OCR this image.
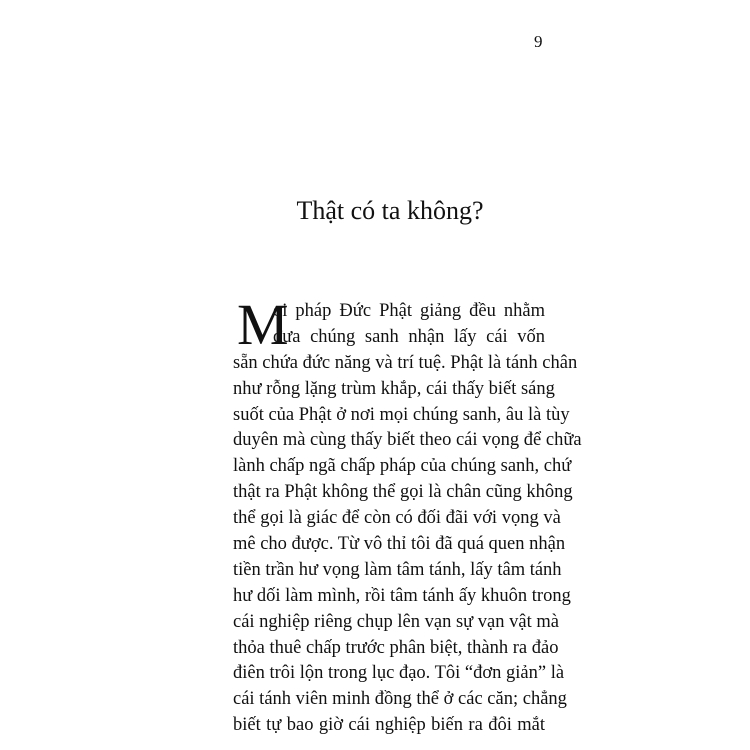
9
Thật có ta không?
M
ọi pháp Đức Phật giảng đều nhằm
đưa chúng sanh nhận lấy cái vốn
sẵn chứa đức năng và trí tuệ. Phật là tánh chân
như rỗng lặng trùm khắp, cái thấy biết sáng
suốt của Phật ở nơi mọi chúng sanh, âu là tùy
duyên mà cùng thấy biết theo cái vọng để chữa
lành chấp ngã chấp pháp của chúng sanh, chứ
thật ra Phật không thể gọi là chân cũng không
thể gọi là giác để còn có đối đãi với vọng và
mê cho được. Từ vô thỉ tôi đã quá quen nhận
tiền trần hư vọng làm tâm tánh, lấy tâm tánh
hư dối làm mình, rồi tâm tánh ấy khuôn trong
cái nghiệp riêng chụp lên vạn sự vạn vật mà
thỏa thuê chấp trước phân biệt, thành ra đảo
điên trôi lộn trong lục đạo. Tôi “đơn giản” là
cái tánh viên minh đồng thể ở các căn; chẳng
biết tự bao giờ cái nghiệp biến ra đôi mắt
